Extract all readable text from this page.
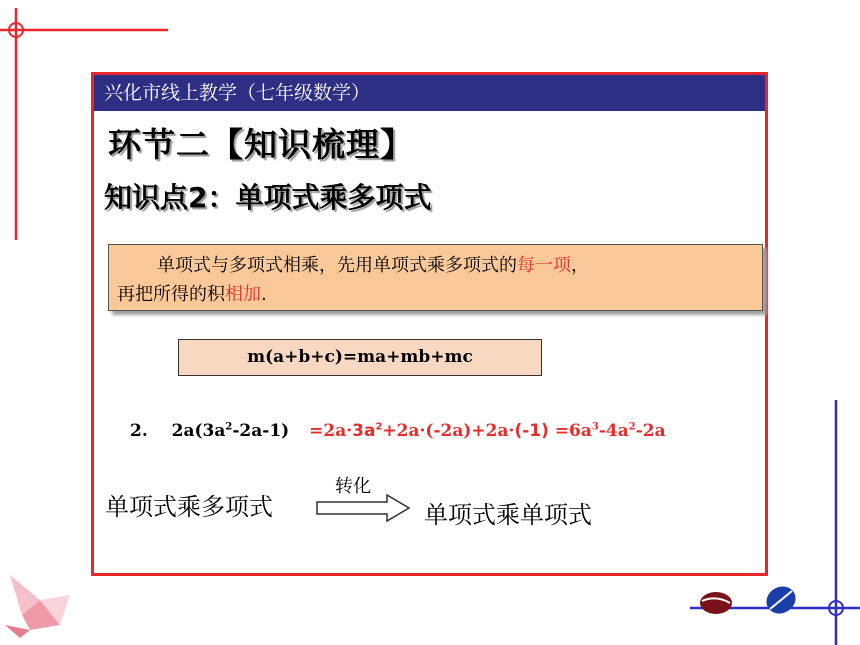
兴化市线上教学（七年级数学）
环节二【知识梳理】
知识点2：单项式乘多项式
单项式与多项式相乘，先用单项式乘多项式的每一项，
再把所得的积相加.
m(a+b+c)=ma+mb+mc
2. $2a(3a^2-2a-1) =2a\cdot 3a^2+2a\cdot(-2a)+2a\cdot(-1) =6a^3-4a^2-2a$
单项式乘多项式
转化
单项式乘单项式
